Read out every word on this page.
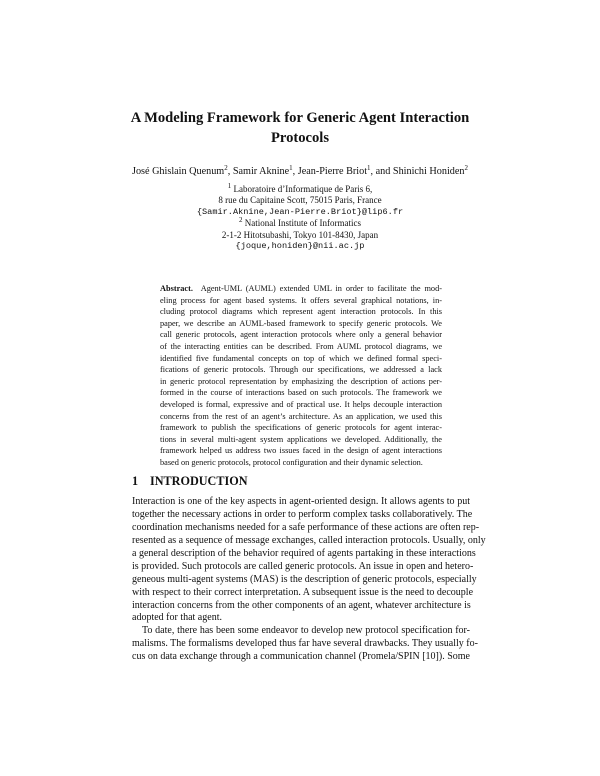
A Modeling Framework for Generic Agent Interaction
Protocols
José Ghislain Quenum$^2$, Samir Aknine$^1$, Jean-Pierre Briot$^1$, and Shinichi Honiden$^2$
$^1$ Laboratoire d’Informatique de Paris 6,
8 rue du Capitaine Scott, 75015 Paris, France
{Samir.Aknine,Jean-Pierre.Briot}@lip6.fr
$^2$ National Institute of Informatics
2-1-2 Hitotsubashi, Tokyo 101-8430, Japan
{joque,honiden}@nii.ac.jp
Abstract. Agent-UML (AUML) extended UML in order to facilitate the mod-
eling process for agent based systems. It offers several graphical notations, in-
cluding protocol diagrams which represent agent interaction protocols. In this
paper, we describe an AUML-based framework to specify generic protocols. We
call generic protocols, agent interaction protocols where only a general behavior
of the interacting entities can be described. From AUML protocol diagrams, we
identified five fundamental concepts on top of which we defined formal speci-
fications of generic protocols. Through our specifications, we addressed a lack
in generic protocol representation by emphasizing the description of actions per-
formed in the course of interactions based on such protocols. The framework we
developed is formal, expressive and of practical use. It helps decouple interaction
concerns from the rest of an agent’s architecture. As an application, we used this
framework to publish the specifications of generic protocols for agent interac-
tions in several multi-agent system applications we developed. Additionally, the
framework helped us address two issues faced in the design of agent interactions
based on generic protocols, protocol configuration and their dynamic selection.
1 INTRODUCTION
Interaction is one of the key aspects in agent-oriented design. It allows agents to put
together the necessary actions in order to perform complex tasks collaboratively. The
coordination mechanisms needed for a safe performance of these actions are often rep-
resented as a sequence of message exchanges, called interaction protocols. Usually, only
a general description of the behavior required of agents partaking in these interactions
is provided. Such protocols are called generic protocols. An issue in open and hetero-
geneous multi-agent systems (MAS) is the description of generic protocols, especially
with respect to their correct interpretation. A subsequent issue is the need to decouple
interaction concerns from the other components of an agent, whatever architecture is
adopted for that agent.
To date, there has been some endeavor to develop new protocol specification for-
malisms. The formalisms developed thus far have several drawbacks. They usually fo-
cus on data exchange through a communication channel (Promela/SPIN [10]). Some
